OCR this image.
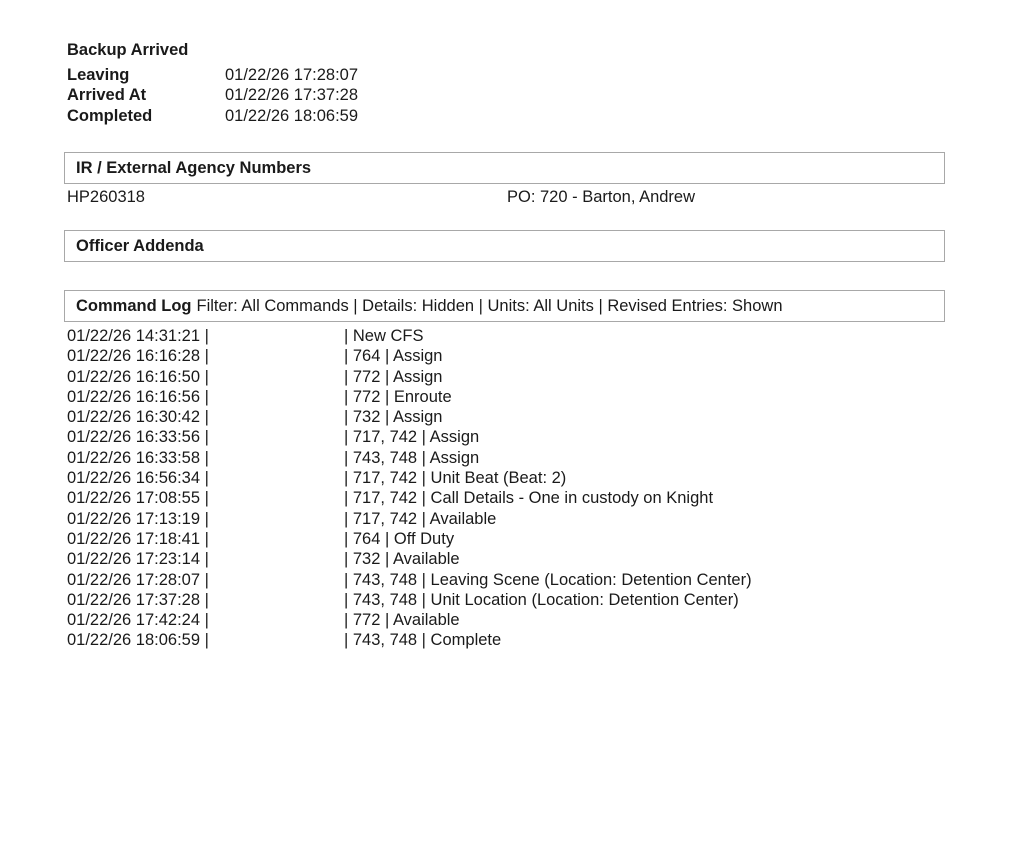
Backup Arrived
Leaving	01/22/26 17:28:07
Arrived At	01/22/26 17:37:28
Completed	01/22/26 18:06:59
IR / External Agency Numbers
HP260318	PO: 720 - Barton, Andrew
Officer Addenda
Command Log Filter: All Commands | Details: Hidden | Units: All Units | Revised Entries: Shown
01/22/26 14:31:21 |	| New CFS
01/22/26 16:16:28 |	| 764 | Assign
01/22/26 16:16:50 |	| 772 | Assign
01/22/26 16:16:56 |	| 772 | Enroute
01/22/26 16:30:42 |	| 732 | Assign
01/22/26 16:33:56 |	| 717, 742 | Assign
01/22/26 16:33:58 |	| 743, 748 | Assign
01/22/26 16:56:34 |	| 717, 742 | Unit Beat (Beat: 2)
01/22/26 17:08:55 |	| 717, 742 | Call Details - One in custody on Knight
01/22/26 17:13:19 |	| 717, 742 | Available
01/22/26 17:18:41 |	| 764 | Off Duty
01/22/26 17:23:14 |	| 732 | Available
01/22/26 17:28:07 |	| 743, 748 | Leaving Scene (Location: Detention Center)
01/22/26 17:37:28 |	| 743, 748 | Unit Location (Location: Detention Center)
01/22/26 17:42:24 |	| 772 | Available
01/22/26 18:06:59 |	| 743, 748 | Complete
